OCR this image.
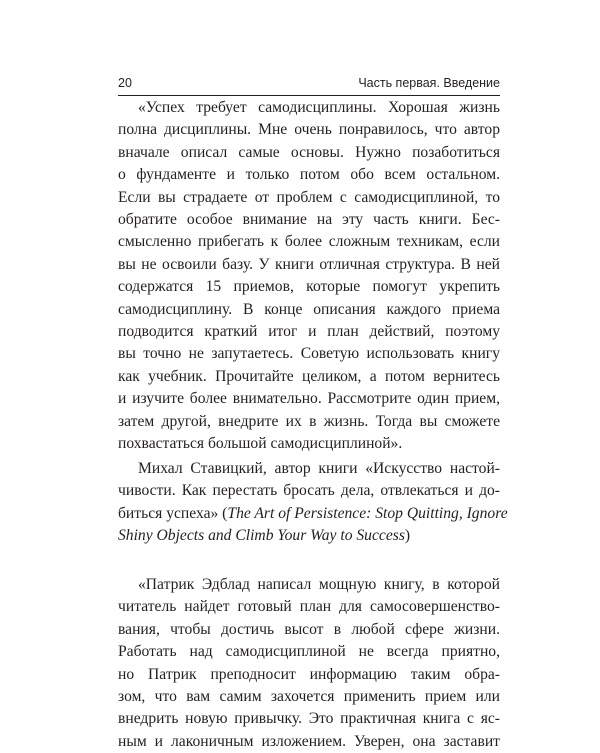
20	Часть первая. Введение
«Успех требует самодисциплины. Хорошая жизнь
полна дисциплины. Мне очень понравилось, что автор
вначале описал самые основы. Нужно позаботиться
о фундаменте и только потом обо всем остальном.
Если вы страдаете от проблем с самодисциплиной, то
обратите особое внимание на эту часть книги. Бес-
смысленно прибегать к более сложным техникам, если
вы не освоили базу. У книги отличная структура. В ней
содержатся 15 приемов, которые помогут укрепить
самодисциплину. В конце описания каждого приема
подводится краткий итог и план действий, поэтому
вы точно не запутаетесь. Советую использовать книгу
как учебник. Прочитайте целиком, а потом вернитесь
и изучите более внимательно. Рассмотрите один прием,
затем другой, внедрите их в жизнь. Тогда вы сможете
похвастаться большой самодисциплиной».
Михал Ставицкий, автор книги «Искусство настой-
чивости. Как перестать бросать дела, отвлекаться и до-
биться успеха» (The Art of Persistence: Stop Quitting, Ignore
Shiny Objects and Climb Your Way to Success)
«Патрик Эдблад написал мощную книгу, в которой
читатель найдет готовый план для самосовершенство-
вания, чтобы достичь высот в любой сфере жизни.
Работать над самодисциплиной не всегда приятно,
но Патрик преподносит информацию таким обра-
зом, что вам самим захочется применить прием или
внедрить новую привычку. Это практичная книга с яс-
ным и лаконичным изложением. Уверен, она заставит
